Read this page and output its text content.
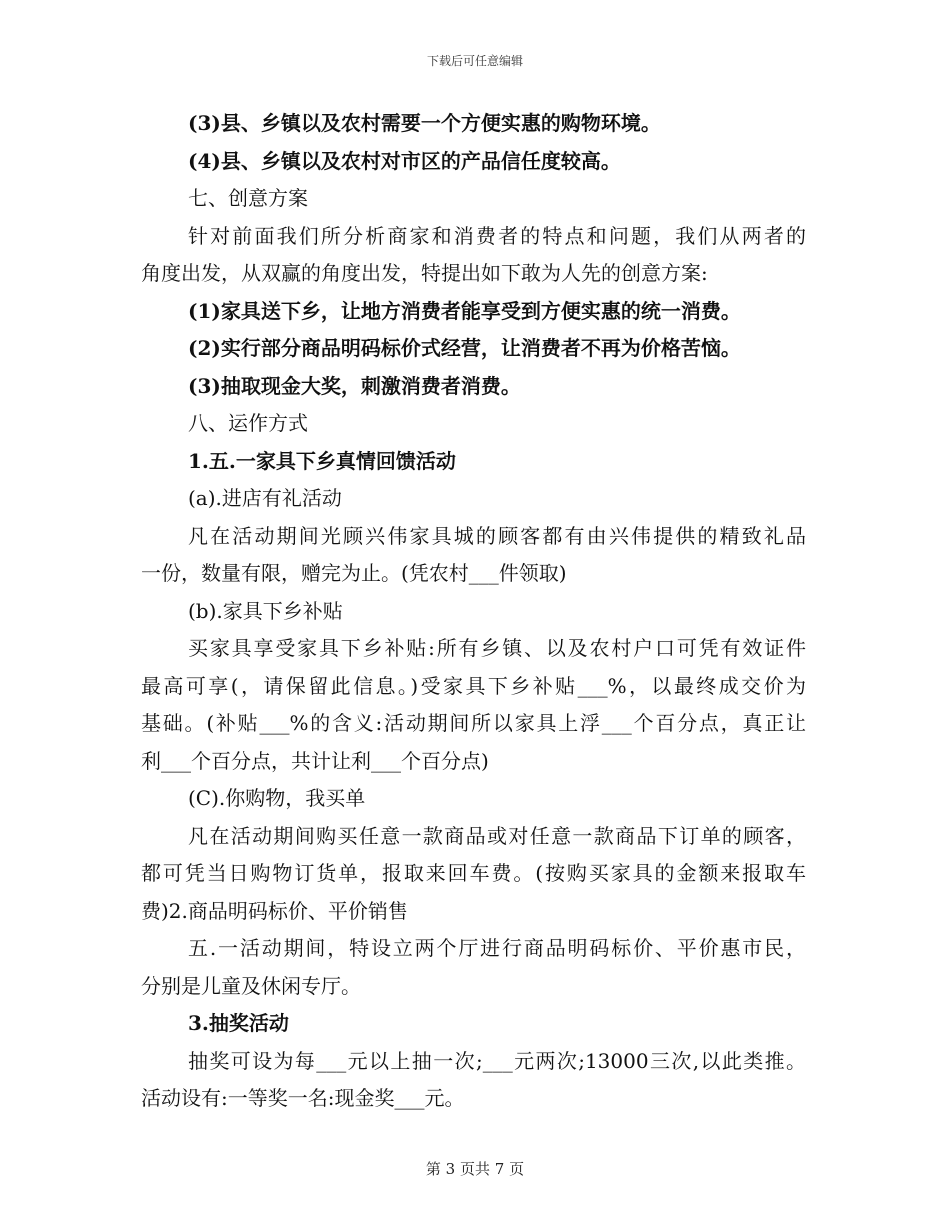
下载后可任意编辑
(3)县、乡镇以及农村需要一个方便实惠的购物环境。
(4)县、乡镇以及农村对市区的产品信任度较高。
七、创意方案
针对前面我们所分析商家和消费者的特点和问题，我们从两者的
角度出发，从双赢的角度出发，特提出如下敢为人先的创意方案:
(1)家具送下乡，让地方消费者能享受到方便实惠的统一消费。
(2)实行部分商品明码标价式经营，让消费者不再为价格苦恼。
(3)抽取现金大奖，刺激消费者消费。
八、运作方式
1.五.一家具下乡真情回馈活动
(a).进店有礼活动
凡在活动期间光顾兴伟家具城的顾客都有由兴伟提供的精致礼品
一份，数量有限，赠完为止。(凭农村___件领取)
(b).家具下乡补贴
买家具享受家具下乡补贴:所有乡镇、以及农村户口可凭有效证件
最高可享(，请保留此信息。)受家具下乡补贴___%，以最终成交价为
基础。(补贴___%的含义:活动期间所以家具上浮___个百分点，真正让
利___个百分点，共计让利___个百分点)
(C).你购物，我买单
凡在活动期间购买任意一款商品或对任意一款商品下订单的顾客，
都可凭当日购物订货单，报取来回车费。(按购买家具的金额来报取车
费)2.商品明码标价、平价销售
五.一活动期间，特设立两个厅进行商品明码标价、平价惠市民，
分别是儿童及休闲专厅。
3.抽奖活动
抽奖可设为每___元以上抽一次;___元两次;13000三次,以此类推。
活动设有:一等奖一名:现金奖___元。
第 3 页共 7 页
